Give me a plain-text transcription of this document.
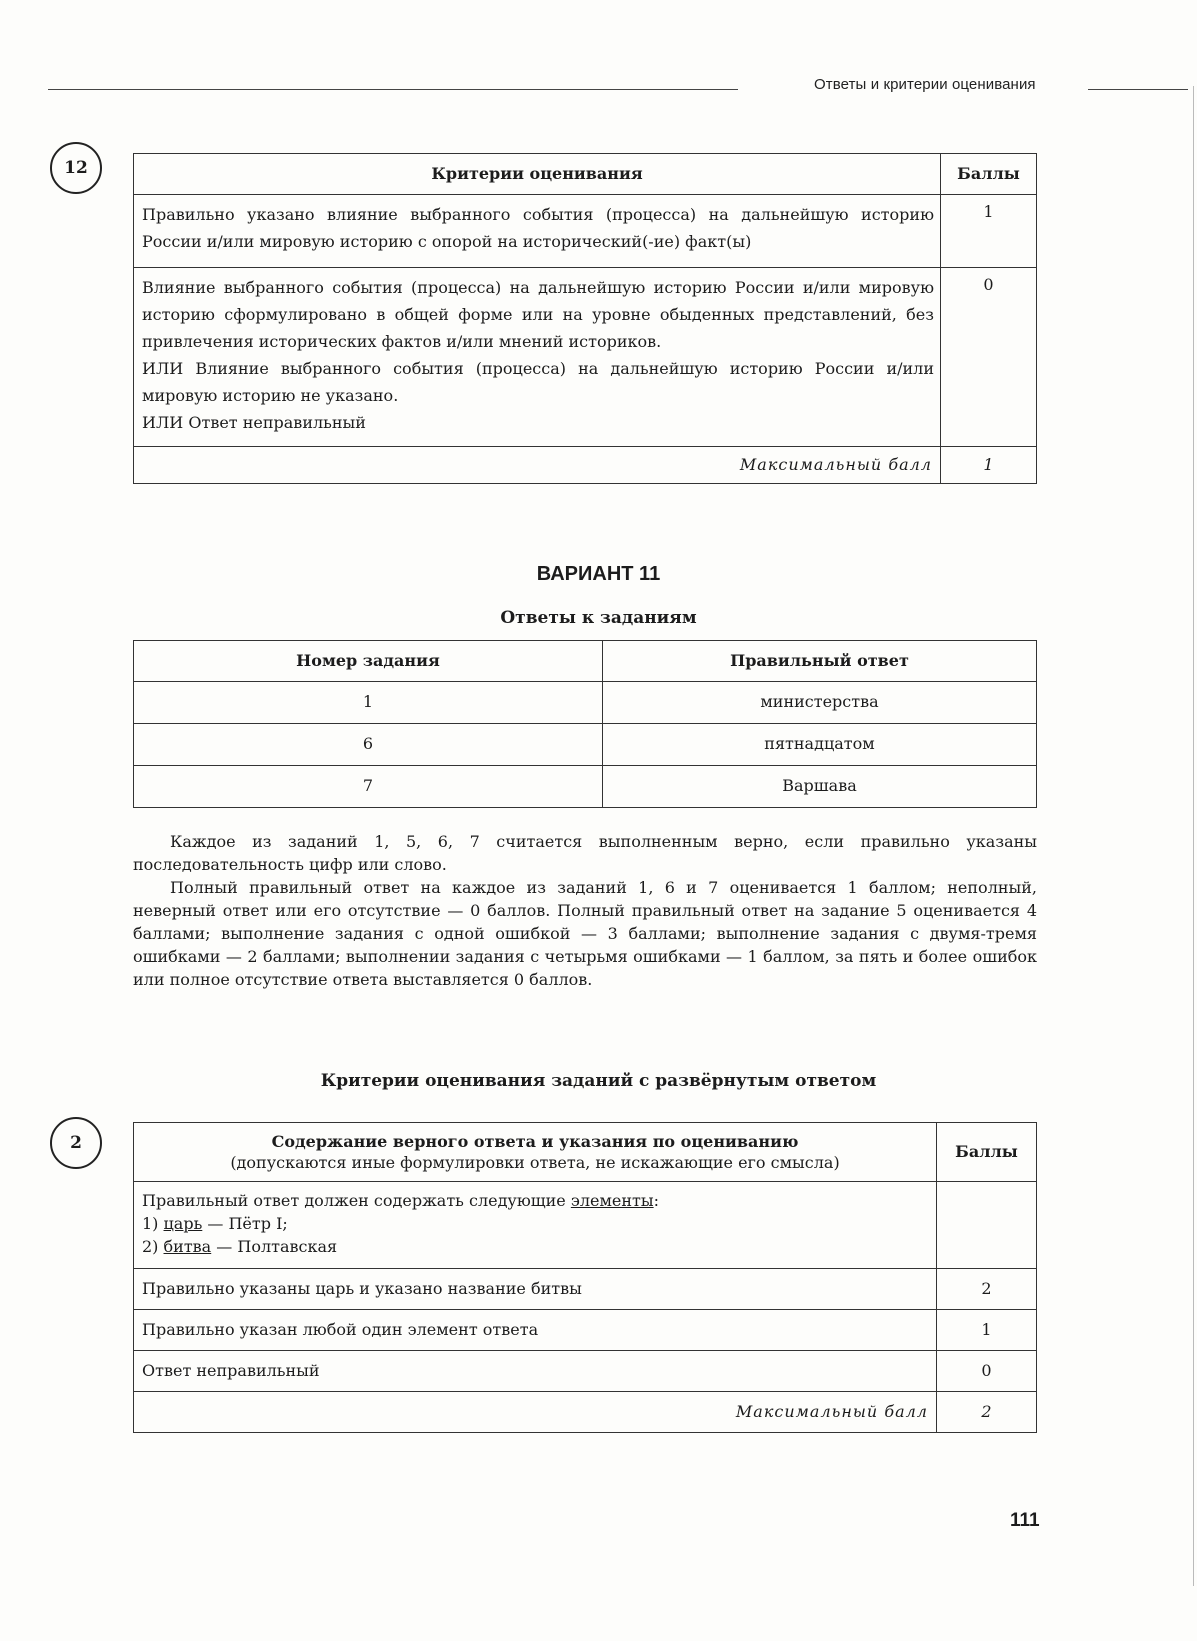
Ответы и критерии оценивания
12	Критерии оценивания	Баллы
Правильно указано влияние выбранного события (процесса) на дальнейшую историю России и/или мировую историю с опорой на исторический(-ие) факт(ы)	1

Влияние выбранного события (процесса) на дальнейшую историю России и/или мировую историю сформулировано в общей форме или на уровне обыденных представлений, без привлечения исторических фактов и/или мнений историков.
ИЛИ Влияние выбранного события (процесса) на дальнейшую историю России и/или мировую историю не указано.
ИЛИ Ответ неправильный	0
Максимальный балл	1
ВАРИАНТ 11
Ответы к заданиям
Номер задания	Правильный ответ
1	министерства
6	пятнадцатом
7	Варшава

Каждое из заданий 1, 5, 6, 7 считается выполненным верно, если правильно указаны последовательность цифр или слово.

Полный правильный ответ на каждое из заданий 1, 6 и 7 оценивается 1 баллом; неполный, неверный ответ или его отсутствие — 0 баллов. Полный правильный ответ на задание 5 оценивается 4 баллами; выполнение задания с одной ошибкой — 3 баллами; выполнение задания с двумя-тремя ошибками — 2 баллами; выполнении задания с четырьмя ошибками — 1 баллом, за пять и более ошибок или полное отсутствие ответа выставляется 0 баллов.

Критерии оценивания заданий с развёрнутым ответом
2	Содержание верного ответа и указания по оцениванию
(допускаются иные формулировки ответа, не искажающие его смысла)	Баллы

Правильный ответ должен содержать следующие элементы:
1) царь — Пётр I;
2) битва — Полтавская	

Правильно указаны царь и указано название битвы	2
Правильно указан любой один элемент ответа	1
Ответ неправильный	0
Максимальный балл	2
111
